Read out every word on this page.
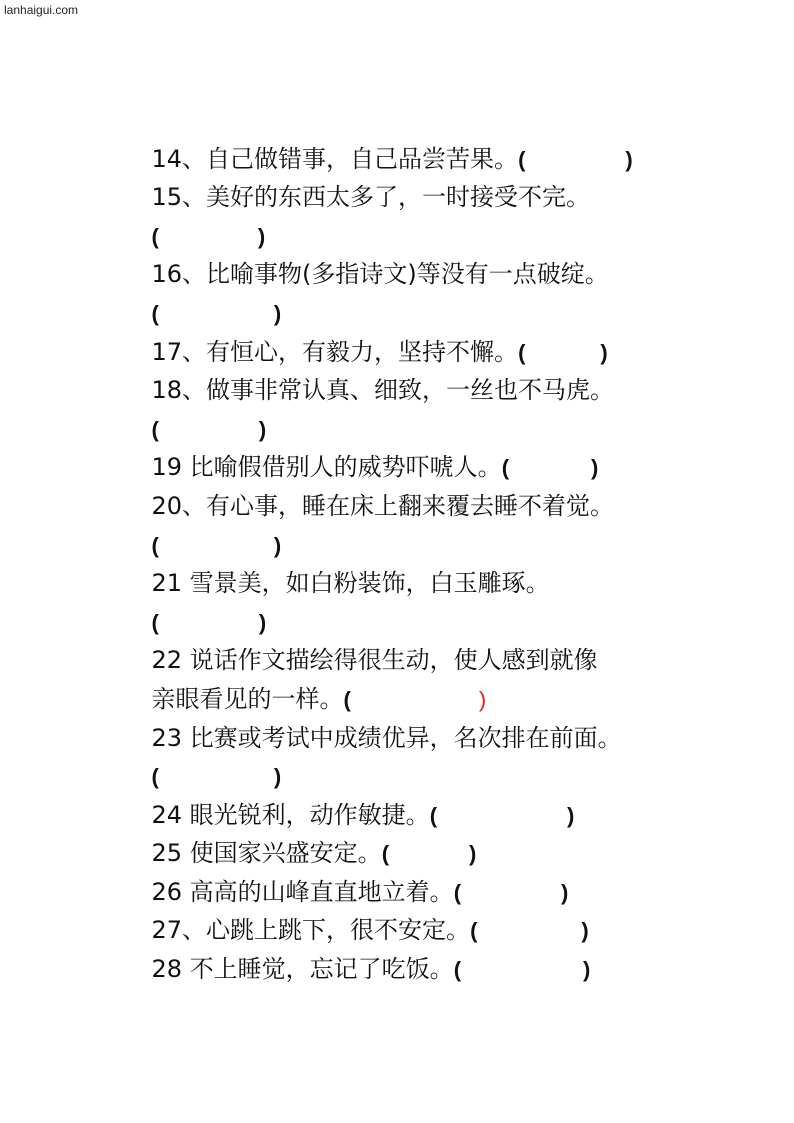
lanhaigui.com

14、自己做错事，自己品尝苦果。(	)

15、美好的东西太多了，一时接受不完。

(	)

16、比喻事物(多指诗文)等没有一点破绽。

(	)

17、有恒心，有毅力，坚持不懈。(	)

18、做事非常认真、细致，一丝也不马虎。

(	)

19 比喻假借别人的威势吓唬人。(	)

20、有心事，睡在床上翻来覆去睡不着觉。

(	)

21 雪景美，如白粉装饰，白玉雕琢。

(	)

22 说话作文描绘得很生动，使人感到就像

亲眼看见的一样。(	)

23 比赛或考试中成绩优异，名次排在前面。

(	)

24 眼光锐利，动作敏捷。(	)

25 使国家兴盛安定。(	)

26 高高的山峰直直地立着。(	)

27、心跳上跳下，很不安定。(	)

28 不上睡觉，忘记了吃饭。(	)
